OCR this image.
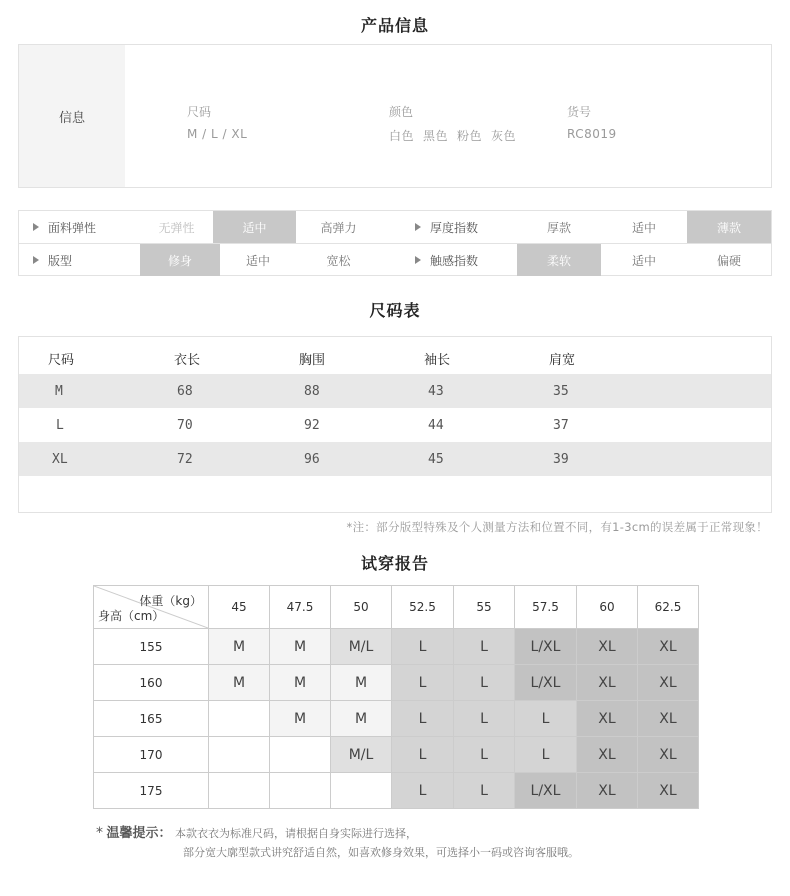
产品信息
信息	尺码
M / L / XL
颜色
白色 黑色 粉色 灰色
货号
RC8019
面料弹性	无弹性	适中	高弹力	厚度指数	厚款	适中	薄款
版型	修身	适中	宽松	触感指数	柔软	适中	偏硬
尺码表
尺码	衣长	胸围	袖长	肩宽
M	68	88	43	35
L	70	92	44	37
XL	72	96	45	39
*注：部分版型特殊及个人测量方法和位置不同，有1-3cm的误差属于正常现象！
试穿报告
体重（kg）
身高（cm）	45	47.5	50	52.5	55	57.5	60	62.5
155	M	M	M/L	L	L	L/XL	XL	XL
160	M	M	M	L	L	L/XL	XL	XL
165		M	M	L	L	L	XL	XL
170			M/L	L	L	L	XL	XL
175				L	L	L/XL	XL	XL
* 温馨提示： 本款衣衣为标准尺码，请根据自身实际进行选择，
部分宽大廓型款式讲究舒适自然，如喜欢修身效果，可选择小一码或咨询客服哦。
